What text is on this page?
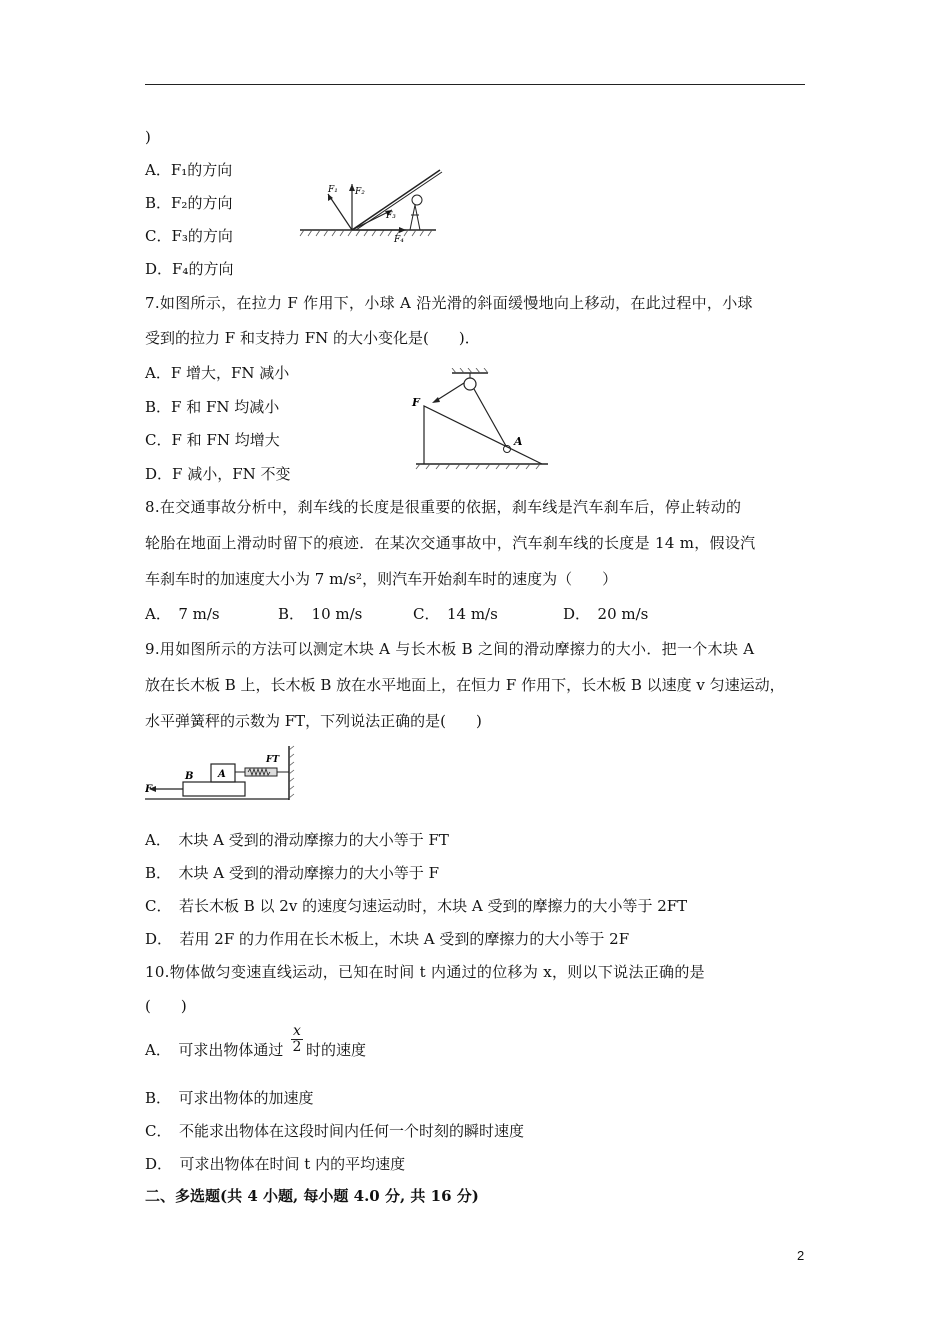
)
A．F₁的方向
B．F₂的方向
C．F₃的方向
D．F₄的方向
F₁ F₂
F₃
F₄
7.如图所示，在拉力 F 作用下，小球 A 沿光滑的斜面缓慢地向上移动，在此过程中，小球
受到的拉力 F 和支持力 FN 的大小变化是(　　)．
A．F 增大，FN 减小
B．F 和 FN 均减小
C．F 和 FN 均增大
D．F 减小，FN 不变
F
A
8.在交通事故分析中，刹车线的长度是很重要的依据，刹车线是汽车刹车后，停止转动的
轮胎在地面上滑动时留下的痕迹．在某次交通事故中，汽车刹车线的长度是 14 m，假设汽
车刹车时的加速度大小为 7 m/s²，则汽车开始刹车时的速度为（　　）
A．　7 m/s	B．　10 m/s	C．　14 m/s	D．　20 m/s
9.用如图所示的方法可以测定木块 A 与长木板 B 之间的滑动摩擦力的大小．把一个木块 A
放在长木板 B 上，长木板 B 放在水平地面上，在恒力 F 作用下，长木板 B 以速度 v 匀速运动，
水平弹簧秤的示数为 FT，下列说法正确的是(　　)
F
B A
FT
A．　木块 A 受到的滑动摩擦力的大小等于 FT
B．　木块 A 受到的滑动摩擦力的大小等于 F
C．　若长木板 B 以 2v 的速度匀速运动时，木块 A 受到的摩擦力的大小等于 2FT
D．　若用 2F 的力作用在长木板上，木块 A 受到的摩擦力的大小等于 2F
10.物体做匀变速直线运动，已知在时间 t 内通过的位移为 x，则以下说法正确的是
(　　)
A．　可求出物体通过
x
2 时的速度
B．　可求出物体的加速度
C．　不能求出物体在这段时间内任何一个时刻的瞬时速度
D．　可求出物体在时间 t 内的平均速度
二、多选题(共 4 小题, 每小题 4.0 分, 共 16 分)
2
